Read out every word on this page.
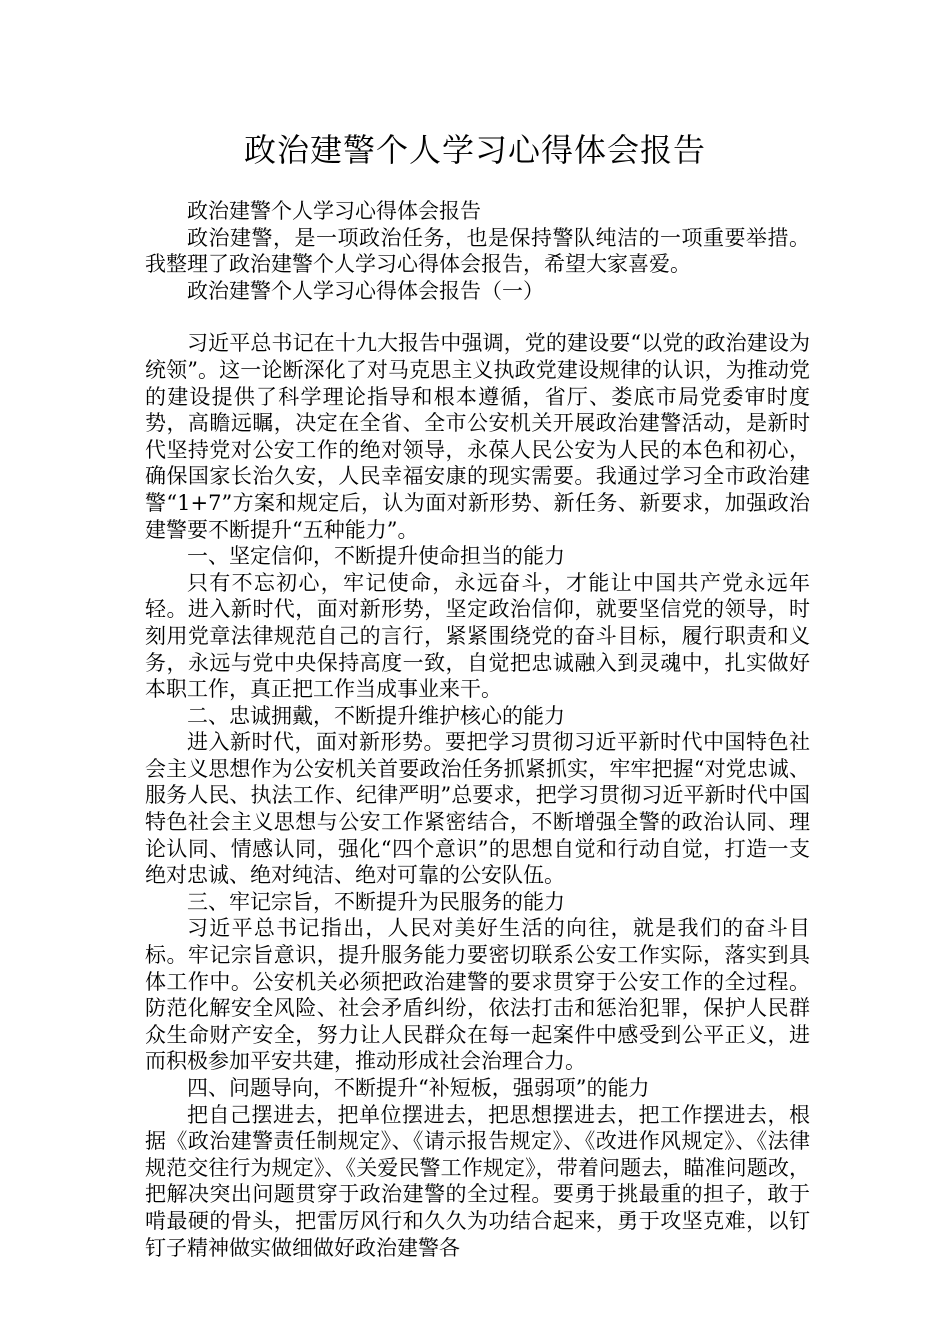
政治建警个人学习心得体会报告

政治建警个人学习心得体会报告

政治建警，是一项政治任务，也是保持警队纯洁的一项重要举措。我整理了政治建警个人学习心得体会报告，希望大家喜爱。

政治建警个人学习心得体会报告（一）

习近平总书记在十九大报告中强调，党的建设要“以党的政治建设为统领”。这一论断深化了对马克思主义执政党建设规律的认识，为推动党的建设提供了科学理论指导和根本遵循，省厅、娄底市局党委审时度势，高瞻远瞩，决定在全省、全市公安机关开展政治建警活动，是新时代坚持党对公安工作的绝对领导，永葆人民公安为人民的本色和初心，确保国家长治久安，人民幸福安康的现实需要。我通过学习全市政治建警“1+7”方案和规定后，认为面对新形势、新任务、新要求，加强政治建警要不断提升“五种能力”。

一、坚定信仰，不断提升使命担当的能力

只有不忘初心，牢记使命，永远奋斗，才能让中国共产党永远年轻。进入新时代，面对新形势，坚定政治信仰，就要坚信党的领导，时刻用党章法律规范自己的言行，紧紧围绕党的奋斗目标，履行职责和义务，永远与党中央保持高度一致，自觉把忠诚融入到灵魂中，扎实做好本职工作，真正把工作当成事业来干。

二、忠诚拥戴，不断提升维护核心的能力

进入新时代，面对新形势。要把学习贯彻习近平新时代中国特色社会主义思想作为公安机关首要政治任务抓紧抓实，牢牢把握“对党忠诚、服务人民、执法工作、纪律严明”总要求，把学习贯彻习近平新时代中国特色社会主义思想与公安工作紧密结合，不断增强全警的政治认同、理论认同、情感认同，强化“四个意识”的思想自觉和行动自觉，打造一支绝对忠诚、绝对纯洁、绝对可靠的公安队伍。

三、牢记宗旨，不断提升为民服务的能力

习近平总书记指出，人民对美好生活的向往，就是我们的奋斗目标。牢记宗旨意识，提升服务能力要密切联系公安工作实际，落实到具体工作中。公安机关必须把政治建警的要求贯穿于公安工作的全过程。防范化解安全风险、社会矛盾纠纷，依法打击和惩治犯罪，保护人民群众生命财产安全，努力让人民群众在每一起案件中感受到公平正义，进而积极参加平安共建，推动形成社会治理合力。

四、问题导向，不断提升“补短板，强弱项”的能力

把自己摆进去，把单位摆进去，把思想摆进去，把工作摆进去，根据《政治建警责任制规定》、《请示报告规定》、《改进作风规定》、《法律规范交往行为规定》、《关爱民警工作规定》，带着问题去，瞄准问题改，把解决突出问题贯穿于政治建警的全过程。要勇于挑最重的担子，敢于啃最硬的骨头，把雷厉风行和久久为功结合起来，勇于攻坚克难，以钉钉子精神做实做细做好政治建警各
